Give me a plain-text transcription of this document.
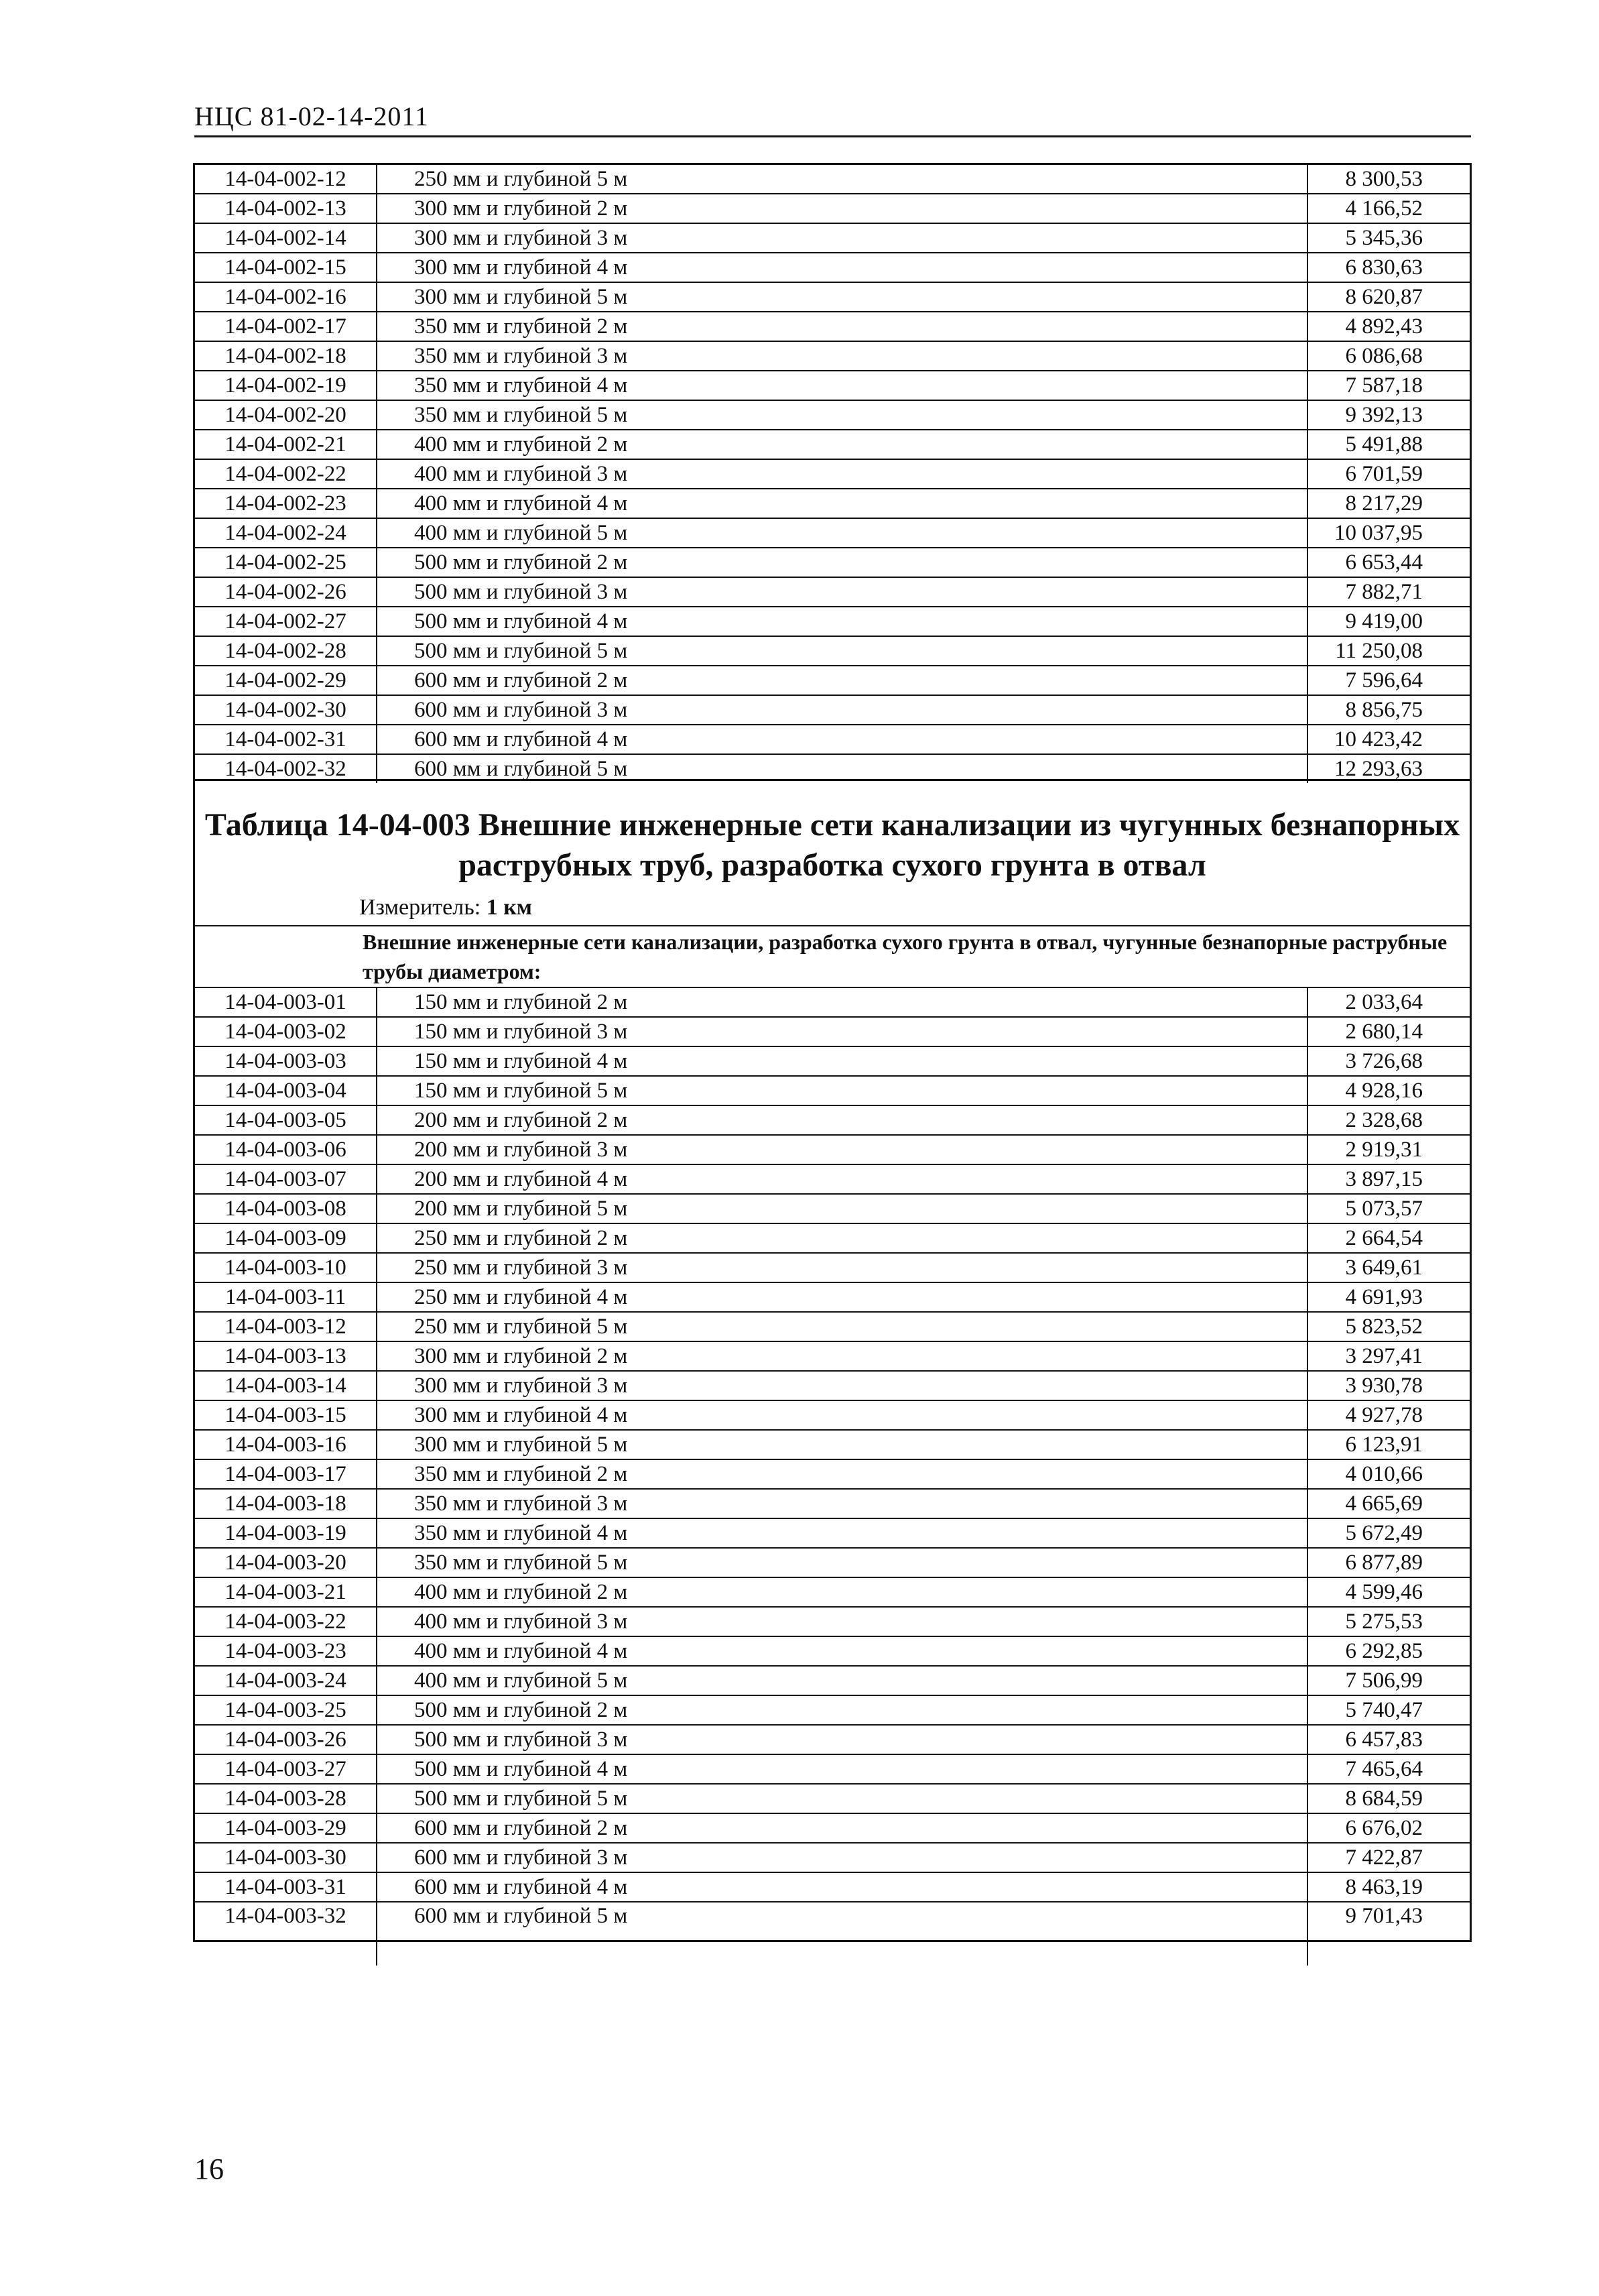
НЦС 81-02-14-2011
14-04-002-12	250 мм и глубиной 5 м	8 300,53
14-04-002-13	300 мм и глубиной 2 м	4 166,52
14-04-002-14	300 мм и глубиной 3 м	5 345,36
14-04-002-15	300 мм и глубиной 4 м	6 830,63
14-04-002-16	300 мм и глубиной 5 м	8 620,87
14-04-002-17	350 мм и глубиной 2 м	4 892,43
14-04-002-18	350 мм и глубиной 3 м	6 086,68
14-04-002-19	350 мм и глубиной 4 м	7 587,18
14-04-002-20	350 мм и глубиной 5 м	9 392,13
14-04-002-21	400 мм и глубиной 2 м	5 491,88
14-04-002-22	400 мм и глубиной 3 м	6 701,59
14-04-002-23	400 мм и глубиной 4 м	8 217,29
14-04-002-24	400 мм и глубиной 5 м	10 037,95
14-04-002-25	500 мм и глубиной 2 м	6 653,44
14-04-002-26	500 мм и глубиной 3 м	7 882,71
14-04-002-27	500 мм и глубиной 4 м	9 419,00
14-04-002-28	500 мм и глубиной 5 м	11 250,08
14-04-002-29	600 мм и глубиной 2 м	7 596,64
14-04-002-30	600 мм и глубиной 3 м	8 856,75
14-04-002-31	600 мм и глубиной 4 м	10 423,42
14-04-002-32	600 мм и глубиной 5 м	12 293,63
Таблица 14-04-003 Внешние инженерные сети канализации из чугунных безнапорных раструбных труб, разработка сухого грунта в отвал
Измеритель: 1 км
Внешние инженерные сети канализации, разработка сухого грунта в отвал, чугунные безнапорные раструбные трубы диаметром:
14-04-003-01	150 мм и глубиной 2 м	2 033,64
14-04-003-02	150 мм и глубиной 3 м	2 680,14
14-04-003-03	150 мм и глубиной 4 м	3 726,68
14-04-003-04	150 мм и глубиной 5 м	4 928,16
14-04-003-05	200 мм и глубиной 2 м	2 328,68
14-04-003-06	200 мм и глубиной 3 м	2 919,31
14-04-003-07	200 мм и глубиной 4 м	3 897,15
14-04-003-08	200 мм и глубиной 5 м	5 073,57
14-04-003-09	250 мм и глубиной 2 м	2 664,54
14-04-003-10	250 мм и глубиной 3 м	3 649,61
14-04-003-11	250 мм и глубиной 4 м	4 691,93
14-04-003-12	250 мм и глубиной 5 м	5 823,52
14-04-003-13	300 мм и глубиной 2 м	3 297,41
14-04-003-14	300 мм и глубиной 3 м	3 930,78
14-04-003-15	300 мм и глубиной 4 м	4 927,78
14-04-003-16	300 мм и глубиной 5 м	6 123,91
14-04-003-17	350 мм и глубиной 2 м	4 010,66
14-04-003-18	350 мм и глубиной 3 м	4 665,69
14-04-003-19	350 мм и глубиной 4 м	5 672,49
14-04-003-20	350 мм и глубиной 5 м	6 877,89
14-04-003-21	400 мм и глубиной 2 м	4 599,46
14-04-003-22	400 мм и глубиной 3 м	5 275,53
14-04-003-23	400 мм и глубиной 4 м	6 292,85
14-04-003-24	400 мм и глубиной 5 м	7 506,99
14-04-003-25	500 мм и глубиной 2 м	5 740,47
14-04-003-26	500 мм и глубиной 3 м	6 457,83
14-04-003-27	500 мм и глубиной 4 м	7 465,64
14-04-003-28	500 мм и глубиной 5 м	8 684,59
14-04-003-29	600 мм и глубиной 2 м	6 676,02
14-04-003-30	600 мм и глубиной 3 м	7 422,87
14-04-003-31	600 мм и глубиной 4 м	8 463,19
14-04-003-32	600 мм и глубиной 5 м	9 701,43
16
